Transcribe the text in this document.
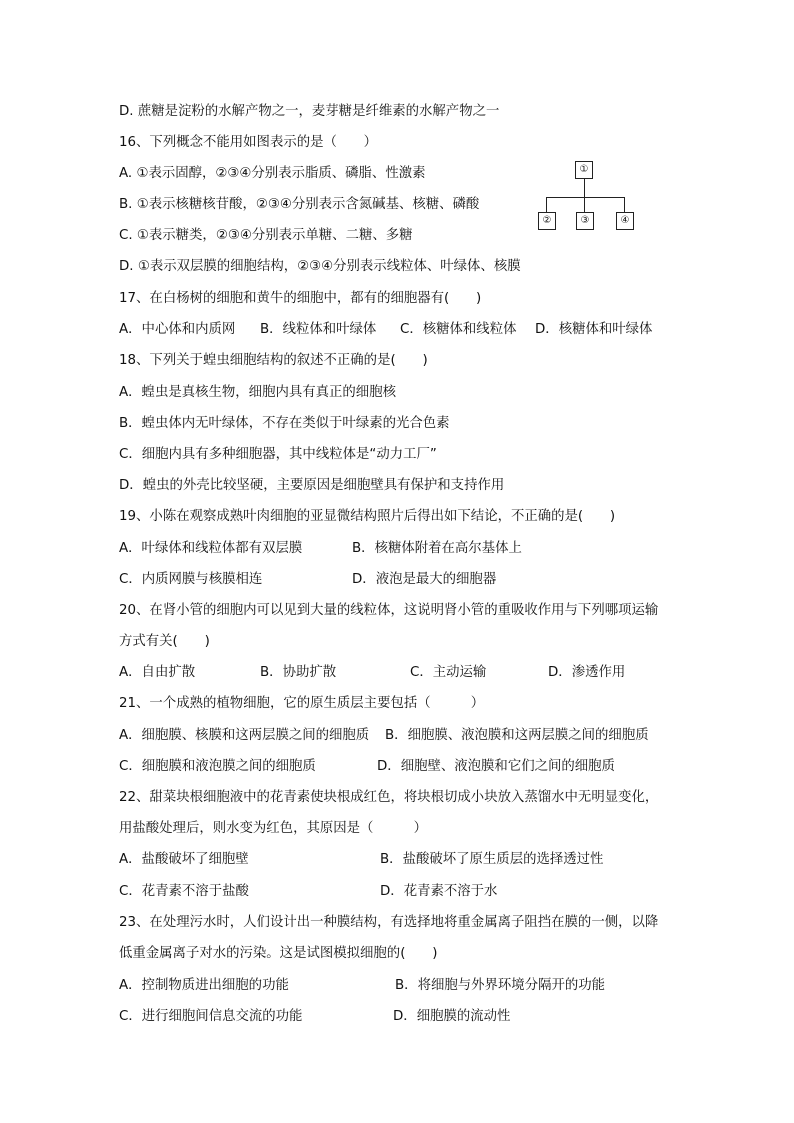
D. 蔗糖是淀粉的水解产物之一，麦芽糖是纤维素的水解产物之一
16、下列概念不能用如图表示的是（　　）
A. ①表示固醇，②③④分别表示脂质、磷脂、性激素
B. ①表示核糖核苷酸，②③④分别表示含氮碱基、核糖、磷酸
C. ①表示糖类，②③④分别表示单糖、二糖、多糖
D. ①表示双层膜的细胞结构，②③④分别表示线粒体、叶绿体、核膜
①
②	③	④
17、在白杨树的细胞和黄牛的细胞中，都有的细胞器有(　　)
A．中心体和内质网 B．线粒体和叶绿体 C．核糖体和线粒体 D．核糖体和叶绿体
18、下列关于蝗虫细胞结构的叙述不正确的是(　　)
A．蝗虫是真核生物，细胞内具有真正的细胞核
B．蝗虫体内无叶绿体，不存在类似于叶绿素的光合色素
C．细胞内具有多种细胞器，其中线粒体是“动力工厂”
D．蝗虫的外壳比较坚硬，主要原因是细胞壁具有保护和支持作用
19、小陈在观察成熟叶肉细胞的亚显微结构照片后得出如下结论，不正确的是(　　)
A．叶绿体和线粒体都有双层膜	B．核糖体附着在高尔基体上
C．内质网膜与核膜相连	D．液泡是最大的细胞器
20、在肾小管的细胞内可以见到大量的线粒体，这说明肾小管的重吸收作用与下列哪项运输
方式有关(　　)
A．自由扩散	B．协助扩散	C．主动运输	D．渗透作用
21、一个成熟的植物细胞，它的原生质层主要包括（　　　）
A．细胞膜、核膜和这两层膜之间的细胞质 B．细胞膜、液泡膜和这两层膜之间的细胞质
C．细胞膜和液泡膜之间的细胞质	D．细胞壁、液泡膜和它们之间的细胞质
22、甜菜块根细胞液中的花青素使块根成红色，将块根切成小块放入蒸馏水中无明显变化，
用盐酸处理后，则水变为红色，其原因是（　　　）
A．盐酸破坏了细胞壁	B．盐酸破坏了原生质层的选择透过性
C．花青素不溶于盐酸	D．花青素不溶于水
23、在处理污水时，人们设计出一种膜结构，有选择地将重金属离子阻挡在膜的一侧，以降
低重金属离子对水的污染。这是试图模拟细胞的(　　)
A．控制物质进出细胞的功能	B．将细胞与外界环境分隔开的功能
C．进行细胞间信息交流的功能	D．细胞膜的流动性
